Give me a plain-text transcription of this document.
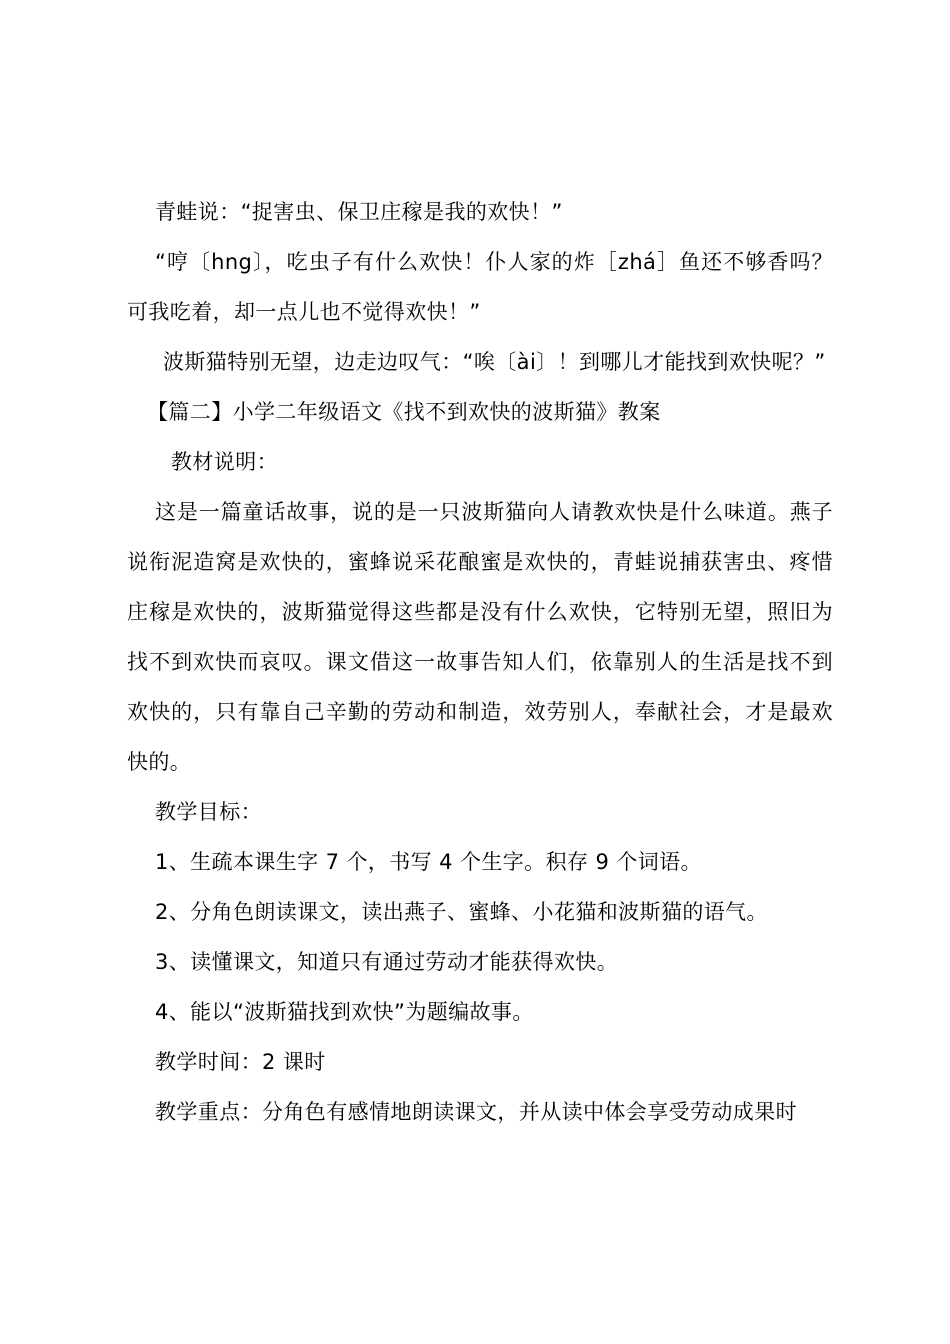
青蛙说：“捉害虫、保卫庄稼是我的欢快！”

“哼〔hng〕，吃虫子有什么欢快！仆人家的炸［zhá］鱼还不够香吗？可我吃着，却一点儿也不觉得欢快！”

波斯猫特别无望，边走边叹气：“唉〔ài〕！到哪儿才能找到欢快呢？”

【篇二】小学二年级语文《找不到欢快的波斯猫》教案

教材说明：

这是一篇童话故事，说的是一只波斯猫向人请教欢快是什么味道。燕子说衔泥造窝是欢快的，蜜蜂说采花酿蜜是欢快的，青蛙说捕获害虫、疼惜庄稼是欢快的，波斯猫觉得这些都是没有什么欢快，它特别无望，照旧为找不到欢快而哀叹。课文借这一故事告知人们，依靠别人的生活是找不到欢快的，只有靠自己辛勤的劳动和制造，效劳别人，奉献社会，才是最欢快的。

教学目标：

1、生疏本课生字 7 个，书写 4 个生字。积存 9 个词语。

2、分角色朗读课文，读出燕子、蜜蜂、小花猫和波斯猫的语气。

3、读懂课文，知道只有通过劳动才能获得欢快。

4、能以“波斯猫找到欢快”为题编故事。

教学时间：2 课时

教学重点：分角色有感情地朗读课文，并从读中体会享受劳动成果时
